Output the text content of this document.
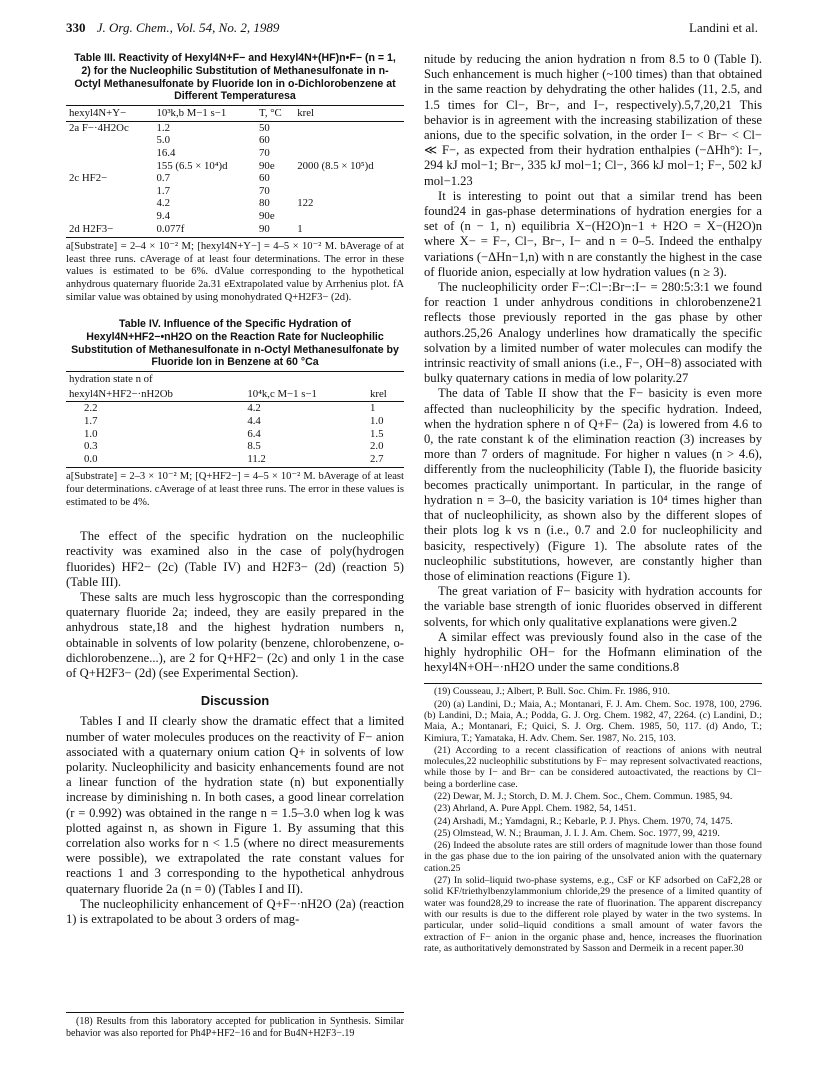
330 J. Org. Chem., Vol. 54, No. 2, 1989	Landini et al.
Table III. Reactivity of Hexyl4N+F− and Hexyl4N+(HF)n•F− (n = 1, 2) for the Nucleophilic Substitution of Methanesulfonate in n-Octyl Methanesulfonate by Fluoride Ion in o-Dichlorobenzene at Different Temperaturesa
hexyl4N+Y−	10³k,b M−1 s−1	T, °C	krel
2a F−·4H2Oc	1.2	50	
	5.0	60	
	16.4	70	
	155 (6.5 × 10⁴)d	90e	2000 (8.5 × 10⁵)d
2c HF2−	0.7	60	
	1.7	70	
	4.2	80	122
	9.4	90e	
2d H2F3−	0.077f	90	1
a[Substrate] = 2–4 × 10⁻² M; [hexyl4N+Y−] = 4–5 × 10⁻² M. bAverage of at least three runs. cAverage of at least four determinations. The error in these values is estimated to be 6%. dValue corresponding to the hypothetical anhydrous quaternary fluoride 2a.31 eExtrapolated value by Arrhenius plot. fA similar value was obtained by using monohydrated Q+H2F3− (2d).
Table IV. Influence of the Specific Hydration of Hexyl4N+HF2−•nH2O on the Reaction Rate for Nucleophilic Substitution of Methanesulfonate in n-Octyl Methanesulfonate by Fluoride Ion in Benzene at 60 °Ca
hydration state n of		
hexyl4N+HF2−·nH2Ob	10⁴k,c M−1 s−1	krel
2.2	4.2	1
1.7	4.4	1.0
1.0	6.4	1.5
0.3	8.5	2.0
0.0	11.2	2.7
a[Substrate] = 2–3 × 10⁻² M; [Q+HF2−] = 4–5 × 10⁻² M. bAverage of at least four determinations. cAverage of at least three runs. The error in these values is estimated to be 4%.

The effect of the specific hydration on the nucleophilic reactivity was examined also in the case of poly(hydrogen fluorides) HF2− (2c) (Table IV) and H2F3− (2d) (reaction 5) (Table III).

These salts are much less hygroscopic than the corresponding quaternary fluoride 2a; indeed, they are easily prepared in the anhydrous state,18 and the highest hydration numbers n, obtainable in solvents of low polarity (benzene, chlorobenzene, o-dichlorobenzene...), are 2 for Q+HF2− (2c) and only 1 in the case of Q+H2F3− (2d) (see Experimental Section).

Discussion

Tables I and II clearly show the dramatic effect that a limited number of water molecules produces on the reactivity of F− anion associated with a quaternary onium cation Q+ in solvents of low polarity. Nucleophilicity and basicity enhancements found are not a linear function of the hydration state (n) but exponentially increase by diminishing n. In both cases, a good linear correlation (r = 0.992) was obtained in the range n = 1.5–3.0 when log k was plotted against n, as shown in Figure 1. By assuming that this correlation also works for n < 1.5 (where no direct measurements were possible), we extrapolated the rate constant values for reactions 1 and 3 corresponding to the hypothetical anhydrous quaternary fluoride 2a (n = 0) (Tables I and II).

The nucleophilicity enhancement of Q+F−·nH2O (2a) (reaction 1) is extrapolated to be about 3 orders of mag-

(18) Results from this laboratory accepted for publication in Synthesis. Similar behavior was also reported for Ph4P+HF2−16 and for Bu4N+H2F3−.19

nitude by reducing the anion hydration n from 8.5 to 0 (Table I). Such enhancement is much higher (~100 times) than that obtained in the same reaction by dehydrating the other halides (11, 2.5, and 1.5 times for Cl−, Br−, and I−, respectively).5,7,20,21 This behavior is in agreement with the increasing stabilization of these anions, due to the specific solvation, in the order I− < Br− < Cl− ≪ F−, as expected from their hydration enthalpies (−ΔHh°): I−, 294 kJ mol−1; Br−, 335 kJ mol−1; Cl−, 366 kJ mol−1; F−, 502 kJ mol−1.23

It is interesting to point out that a similar trend has been found24 in gas-phase determinations of hydration energies for a set of (n − 1, n) equilibria X−(H2O)n−1 + H2O = X−(H2O)n where X− = F−, Cl−, Br−, I− and n = 0–5. Indeed the enthalpy variations (−ΔHn−1,n) with n are constantly the highest in the case of fluoride anion, especially at low hydration values (n ≥ 3).

The nucleophilicity order F−:Cl−:Br−:I− = 280:5:3:1 we found for reaction 1 under anhydrous conditions in chlorobenzene21 reflects those previously reported in the gas phase by other authors.25,26 Analogy underlines how dramatically the specific solvation by a limited number of water molecules can modify the intrinsic reactivity of small anions (i.e., F−, OH−8) associated with bulky quaternary cations in media of low polarity.27

The data of Table II show that the F− basicity is even more affected than nucleophilicity by the specific hydration. Indeed, when the hydration sphere n of Q+F− (2a) is lowered from 4.6 to 0, the rate constant k of the elimination reaction (3) increases by more than 7 orders of magnitude. For higher n values (n > 4.6), differently from the nucleophilicity (Table I), the fluoride basicity becomes practically unimportant. In particular, in the range of hydration n = 3–0, the basicity variation is 10⁴ times higher than that of nucleophilicity, as shown also by the different slopes of their plots log k vs n (i.e., 0.7 and 2.0 for nucleophilicity and basicity, respectively) (Figure 1). The absolute rates of the nucleophilic substitutions, however, are constantly higher than those of elimination reactions (Figure 1).

The great variation of F− basicity with hydration accounts for the variable base strength of ionic fluorides observed in different solvents, for which only qualitative explanations were given.2

A similar effect was previously found also in the case of the highly hydrophilic OH− for the Hofmann elimination of the hexyl4N+OH−·nH2O under the same conditions.8

(19) Cousseau, J.; Albert, P. Bull. Soc. Chim. Fr. 1986, 910.
(20) (a) Landini, D.; Maia, A.; Montanari, F. J. Am. Chem. Soc. 1978, 100, 2796. (b) Landini, D.; Maia, A.; Podda, G. J. Org. Chem. 1982, 47, 2264. (c) Landini, D.; Maia, A.; Montanari, F.; Quici, S. J. Org. Chem. 1985, 50, 117. (d) Ando, T.; Kimiura, T.; Yamataka, H. Adv. Chem. Ser. 1987, No. 215, 103.
(21) According to a recent classification of reactions of anions with neutral molecules,22 nucleophilic substitutions by F− may represent solvactivated reactions, while those by I− and Br− can be considered autoactivated, the reactions by Cl− being a borderline case.
(22) Dewar, M. J.; Storch, D. M. J. Chem. Soc., Chem. Commun. 1985, 94.
(23) Ahrland, A. Pure Appl. Chem. 1982, 54, 1451.
(24) Arshadi, M.; Yamdagni, R.; Kebarle, P. J. Phys. Chem. 1970, 74, 1475.
(25) Olmstead, W. N.; Brauman, J. I. J. Am. Chem. Soc. 1977, 99, 4219.
(26) Indeed the absolute rates are still orders of magnitude lower than those found in the gas phase due to the ion pairing of the unsolvated anion with the quaternary cation.25
(27) In solid–liquid two-phase systems, e.g., CsF or KF adsorbed on CaF2,28 or solid KF/triethylbenzylammonium chloride,29 the presence of a limited quantity of water was found28,29 to increase the rate of fluorination. The apparent discrepancy with our results is due to the different role played by water in the two systems. In particular, under solid–liquid conditions a small amount of water favors the extraction of F− anion in the organic phase and, hence, increases the fluorination rate, as authoritatively demonstrated by Sasson and Dermeik in a recent paper.30
